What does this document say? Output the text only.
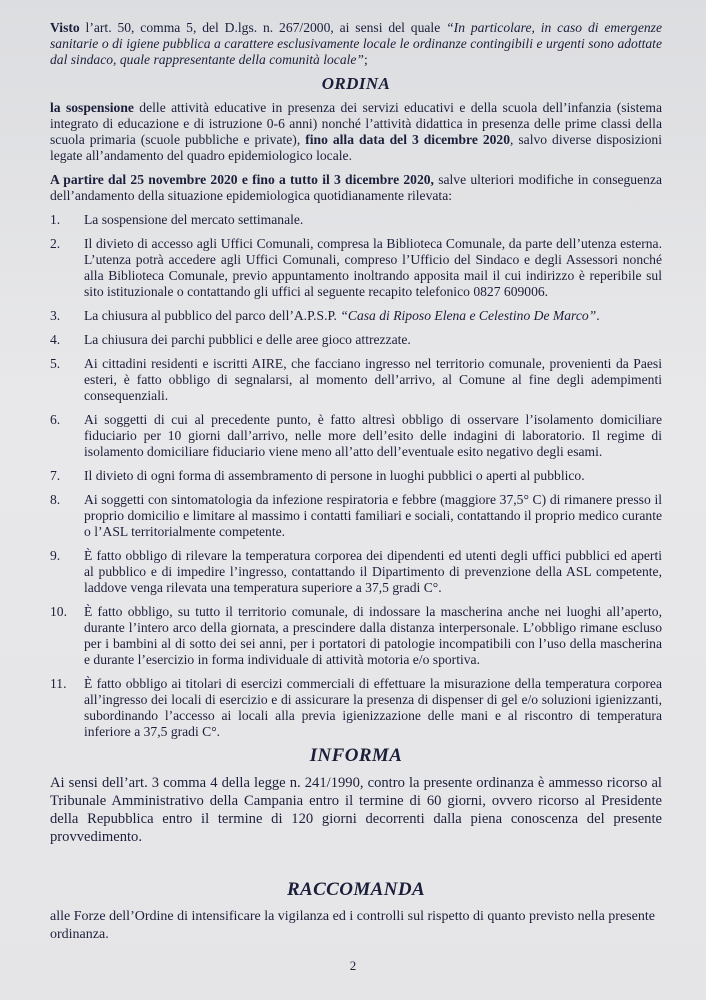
Visto l’art. 50, comma 5, del D.lgs. n. 267/2000, ai sensi del quale “In particolare, in caso di emergenze sanitarie o di igiene pubblica a carattere esclusivamente locale le ordinanze contingibili e urgenti sono adottate dal sindaco, quale rappresentante della comunità locale”;

ORDINA

la sospensione delle attività educative in presenza dei servizi educativi e della scuola dell’infanzia (sistema integrato di educazione e di istruzione 0-6 anni) nonché l’attività didattica in presenza delle prime classi della scuola primaria (scuole pubbliche e private), fino alla data del 3 dicembre 2020, salvo diverse disposizioni legate all’andamento del quadro epidemiologico locale.

A partire dal 25 novembre 2020 e fino a tutto il 3 dicembre 2020, salve ulteriori modifiche in conseguenza dell’andamento della situazione epidemiologica quotidianamente rilevata:

1.	La sospensione del mercato settimanale.
2.	Il divieto di accesso agli Uffici Comunali, compresa la Biblioteca Comunale, da parte dell’utenza esterna. L’utenza potrà accedere agli Uffici Comunali, compreso l’Ufficio del Sindaco e degli Assessori nonché alla Biblioteca Comunale, previo appuntamento inoltrando apposita mail il cui indirizzo è reperibile sul sito istituzionale o contattando gli uffici al seguente recapito telefonico 0827 609006.
3.	La chiusura al pubblico del parco dell’A.P.S.P. “Casa di Riposo Elena e Celestino De Marco”.
4.	La chiusura dei parchi pubblici e delle aree gioco attrezzate.
5.	Ai cittadini residenti e iscritti AIRE, che facciano ingresso nel territorio comunale, provenienti da Paesi esteri, è fatto obbligo di segnalarsi, al momento dell’arrivo, al Comune al fine degli adempimenti consequenziali.
6.	Ai soggetti di cui al precedente punto, è fatto altresì obbligo di osservare l’isolamento domiciliare fiduciario per 10 giorni dall’arrivo, nelle more dell’esito delle indagini di laboratorio. Il regime di isolamento domiciliare fiduciario viene meno all’atto dell’eventuale esito negativo degli esami.
7.	Il divieto di ogni forma di assembramento di persone in luoghi pubblici o aperti al pubblico.
8.	Ai soggetti con sintomatologia da infezione respiratoria e febbre (maggiore 37,5° C) di rimanere presso il proprio domicilio e limitare al massimo i contatti familiari e sociali, contattando il proprio medico curante o l’ASL territorialmente competente.
9.	È fatto obbligo di rilevare la temperatura corporea dei dipendenti ed utenti degli uffici pubblici ed aperti al pubblico e di impedire l’ingresso, contattando il Dipartimento di prevenzione della ASL competente, laddove venga rilevata una temperatura superiore a 37,5 gradi C°.
10.	È fatto obbligo, su tutto il territorio comunale, di indossare la mascherina anche nei luoghi all’aperto, durante l’intero arco della giornata, a prescindere dalla distanza interpersonale. L’obbligo rimane escluso per i bambini al di sotto dei sei anni, per i portatori di patologie incompatibili con l’uso della mascherina e durante l’esercizio in forma individuale di attività motoria e/o sportiva.
11.	È fatto obbligo ai titolari di esercizi commerciali di effettuare la misurazione della temperatura corporea all’ingresso dei locali di esercizio e di assicurare la presenza di dispenser di gel e/o soluzioni igienizzanti, subordinando l’accesso ai locali alla previa igienizzazione delle mani e al riscontro di temperatura inferiore a 37,5 gradi C°.
INFORMA

Ai sensi dell’art. 3 comma 4 della legge n. 241/1990, contro la presente ordinanza è ammesso ricorso al Tribunale Amministrativo della Campania entro il termine di 60 giorni, ovvero ricorso al Presidente della Repubblica entro il termine di 120 giorni decorrenti dalla piena conoscenza del presente provvedimento.

RACCOMANDA

alle Forze dell’Ordine di intensificare la vigilanza ed i controlli sul rispetto di quanto previsto nella presente ordinanza.

2
